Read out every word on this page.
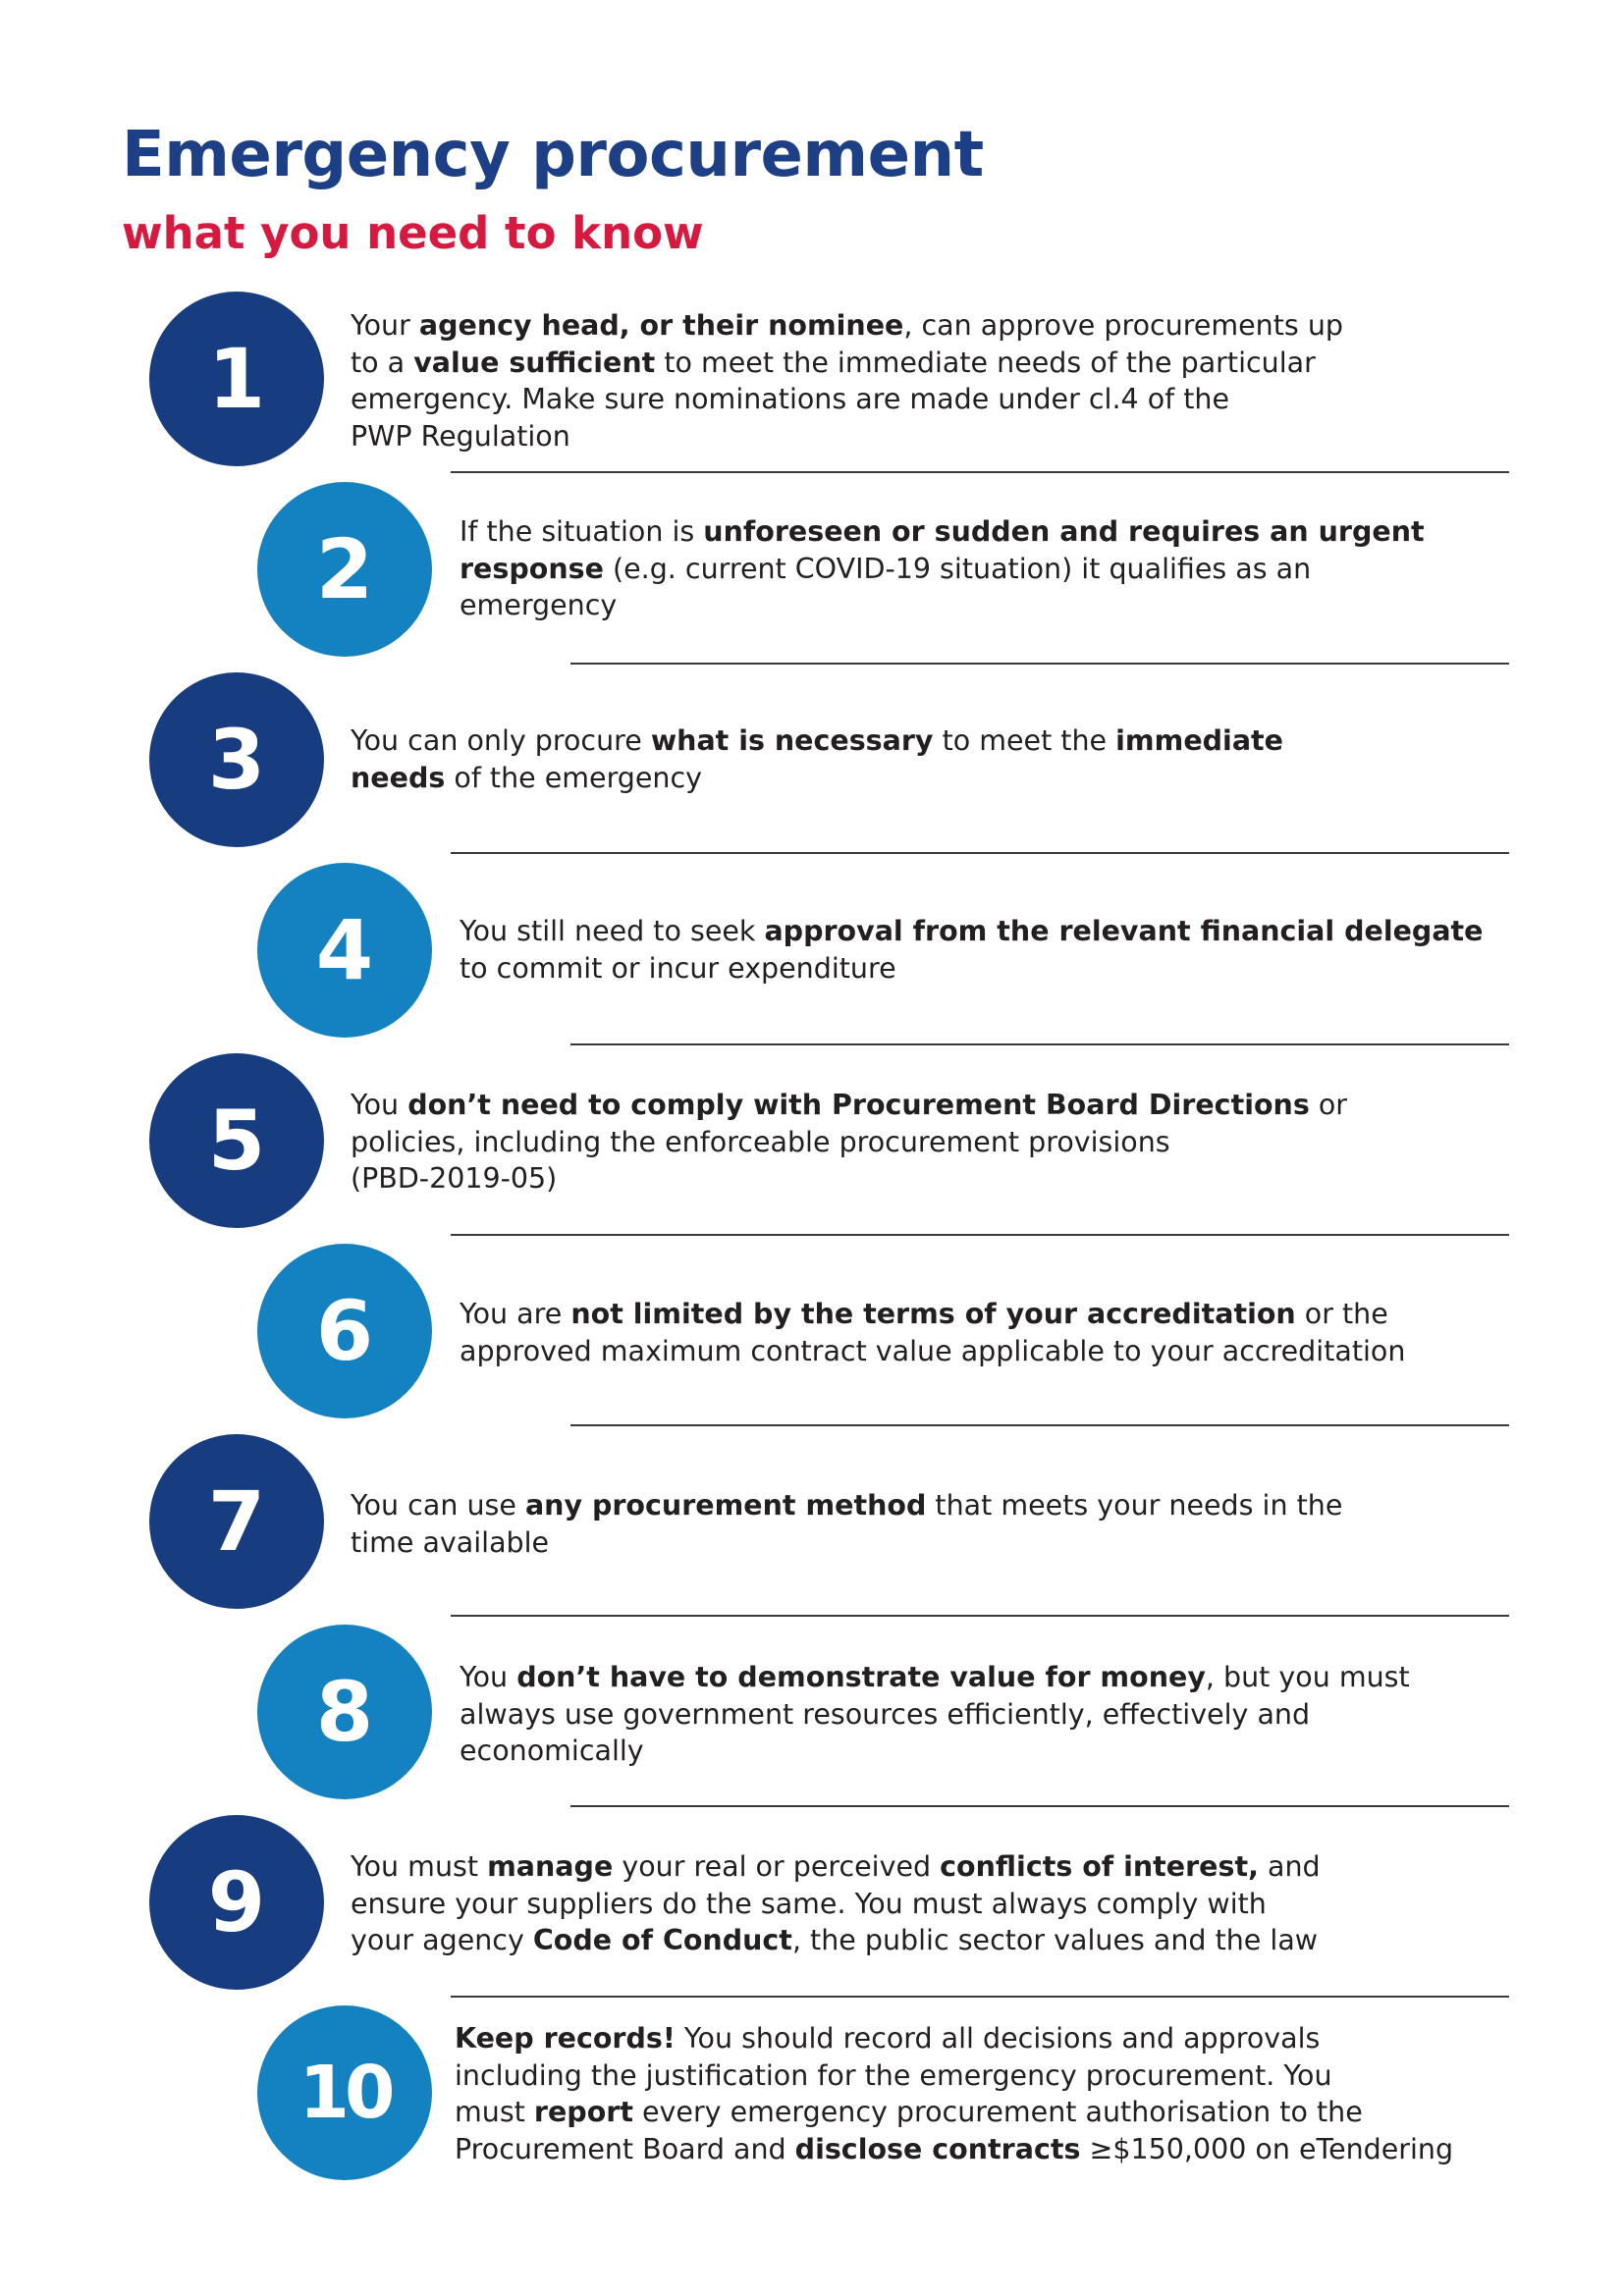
Emergency procurement
what you need to know
1

Your agency head, or their nominee, can approve procurements up
to a value sufficient to meet the immediate needs of the particular
emergency. Make sure nominations are made under cl.4 of the
PWP Regulation

2	If the situation is unforeseen or sudden and requires an urgent
response (e.g. current COVID-19 situation) it qualifies as an
emergency

3	You can only procure what is necessary to meet the immediate
needs of the emergency

4	You still need to seek approval from the relevant financial delegate
to commit or incur expenditure

5	You don’t need to comply with Procurement Board Directions or
policies, including the enforceable procurement provisions
(PBD-2019-05)

6	You are not limited by the terms of your accreditation or the
approved maximum contract value applicable to your accreditation

7	You can use any procurement method that meets your needs in the
time available

8	You don’t have to demonstrate value for money, but you must
always use government resources efficiently, effectively and
economically

9	You must manage your real or perceived conflicts of interest, and
ensure your suppliers do the same. You must always comply with
your agency Code of Conduct, the public sector values and the law

10

Keep records! You should record all decisions and approvals
including the justification for the emergency procurement. You
must report every emergency procurement authorisation to the
Procurement Board and disclose contracts ≥$150,000 on eTendering
